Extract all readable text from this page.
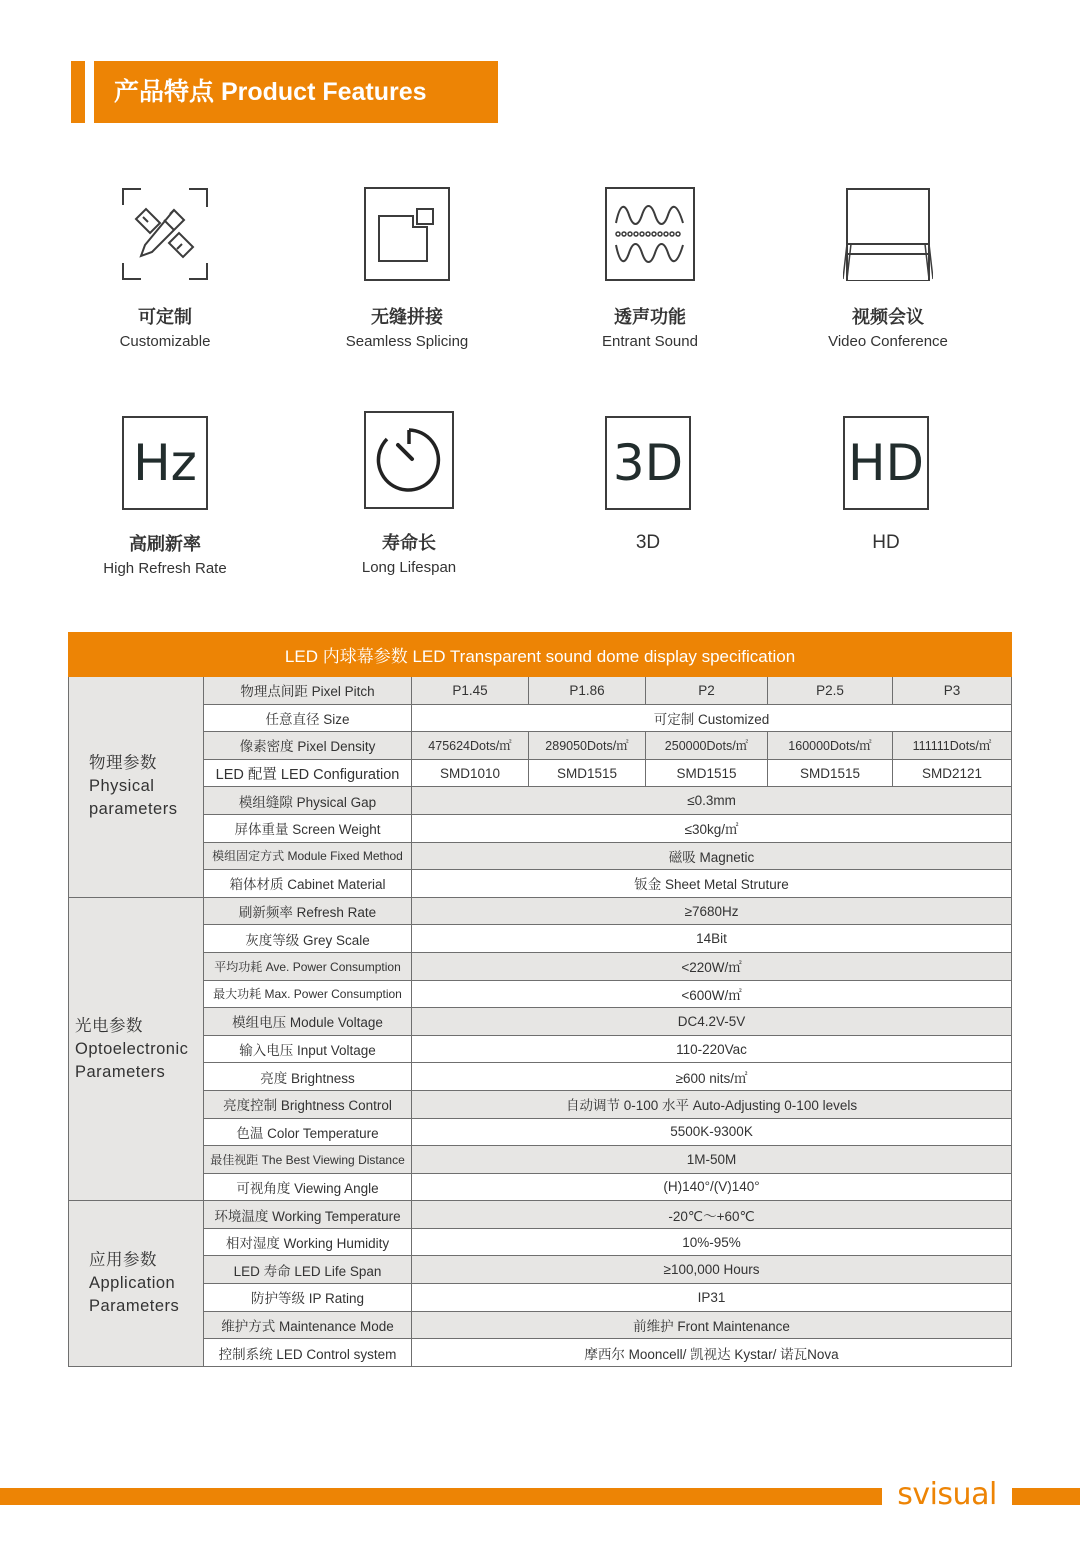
产品特点 Product Features
可定制
Customizable
无缝拼接
Seamless Splicing
透声功能
Entrant Sound
视频会议
Video Conference
Hz
高刷新率
High Refresh Rate
寿命长
Long Lifespan
3D
3D
HD
HD
LED 内球幕参数 LED Transparent sound dome display specification						

物理参数
Physical
parameters	物理点间距 Pixel Pitch	P1.45	P1.86	P2	P2.5	P3
	任意直径 Size	可定制 Customized				
	像素密度 Pixel Density	475624Dots/㎡	289050Dots/㎡	250000Dots/㎡	160000Dots/㎡	111111Dots/㎡
	LED 配置 LED Configuration	SMD1010	SMD1515	SMD1515	SMD1515	SMD2121
	模组缝隙 Physical Gap	≤0.3mm				
	屏体重量 Screen Weight	≤30kg/㎡				
	模组固定方式 Module Fixed Method	磁吸 Magnetic				
	箱体材质 Cabinet Material	钣金 Sheet Metal Struture				

光电参数
Optoelectronic
Parameters	刷新频率 Refresh Rate	≥7680Hz				
	灰度等级 Grey Scale	14Bit				
	平均功耗 Ave. Power Consumption	<220W/㎡				
	最大功耗 Max. Power Consumption	<600W/㎡				
	模组电压 Module Voltage	DC4.2V-5V				
	输入电压 Input Voltage	110-220Vac				
	亮度 Brightness	≥600 nits/㎡				
	亮度控制 Brightness Control	自动调节 0-100 水平 Auto-Adjusting 0-100 levels				
	色温 Color Temperature	5500K-9300K				
	最佳视距 The Best Viewing Distance	1M-50M				
	可视角度 Viewing Angle	(H)140°/(V)140°				

应用参数
Application
Parameters	环境温度 Working Temperature	-20℃～+60℃				
	相对湿度 Working Humidity	10%-95%				
	LED 寿命 LED Life Span	≥100,000 Hours				
	防护等级 IP Rating	IP31				
	维护方式 Maintenance Mode	前维护 Front Maintenance				
	控制系统 LED Control system	摩西尔 Mooncell/ 凯视达 Kystar/ 诺瓦Nova				
svisual
